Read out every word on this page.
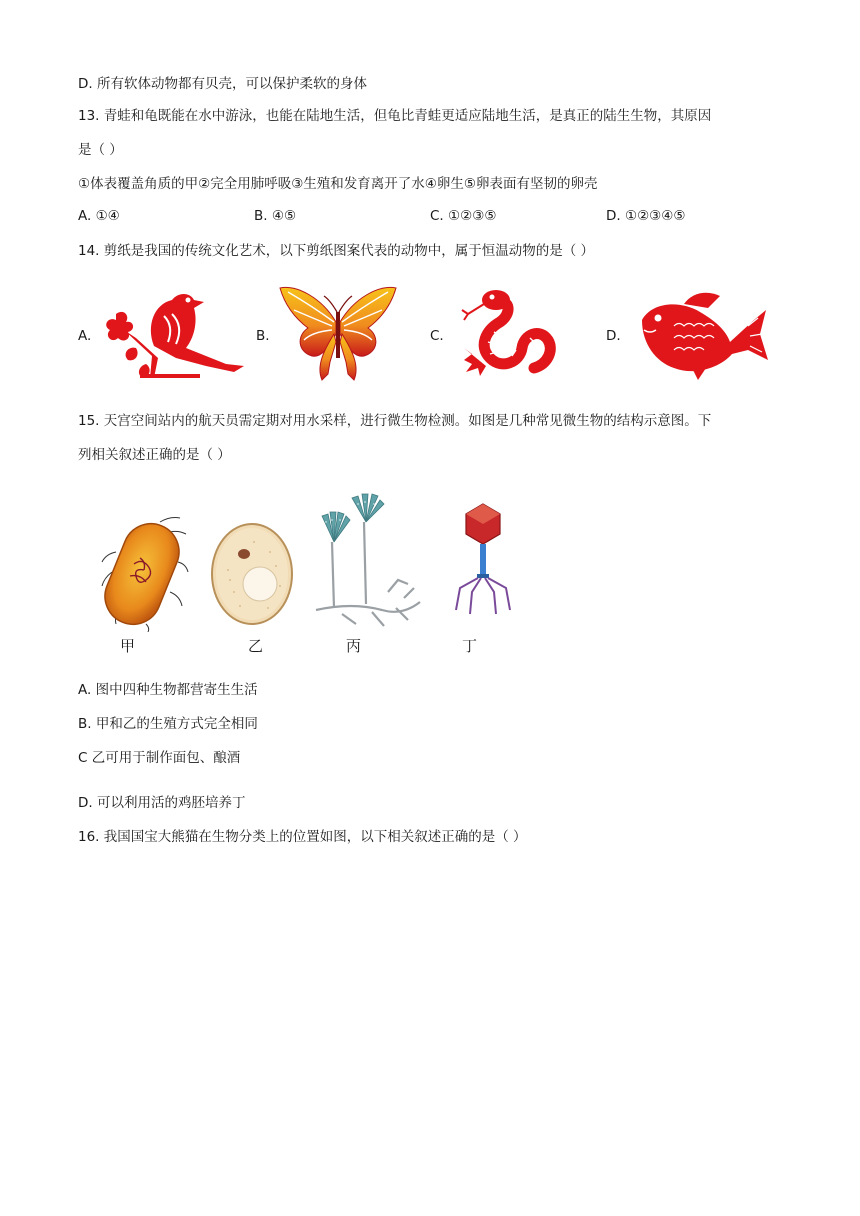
D. 所有软体动物都有贝壳，可以保护柔软的身体
13. 青蛙和龟既能在水中游泳，也能在陆地生活，但龟比青蛙更适应陆地生活，是真正的陆生生物，其原因
是（ ）
①体表覆盖角质的甲②完全用肺呼吸③生殖和发育离开了水④卵生⑤卵表面有坚韧的卵壳
A. ①④	B. ④⑤	C. ①②③⑤	D. ①②③④⑤
14. 剪纸是我国的传统文化艺术，以下剪纸图案代表的动物中，属于恒温动物的是（ ）
A.	B.	C.	D.
15. 天宫空间站内的航天员需定期对用水采样，进行微生物检测。如图是几种常见微生物的结构示意图。下
列相关叙述正确的是（ ）
甲	乙	丙	丁
A. 图中四种生物都营寄生生活
B. 甲和乙的生殖方式完全相同
C 乙可用于制作面包、酿酒
D. 可以利用活的鸡胚培养丁
16. 我国国宝大熊猫在生物分类上的位置如图，以下相关叙述正确的是（ ）
